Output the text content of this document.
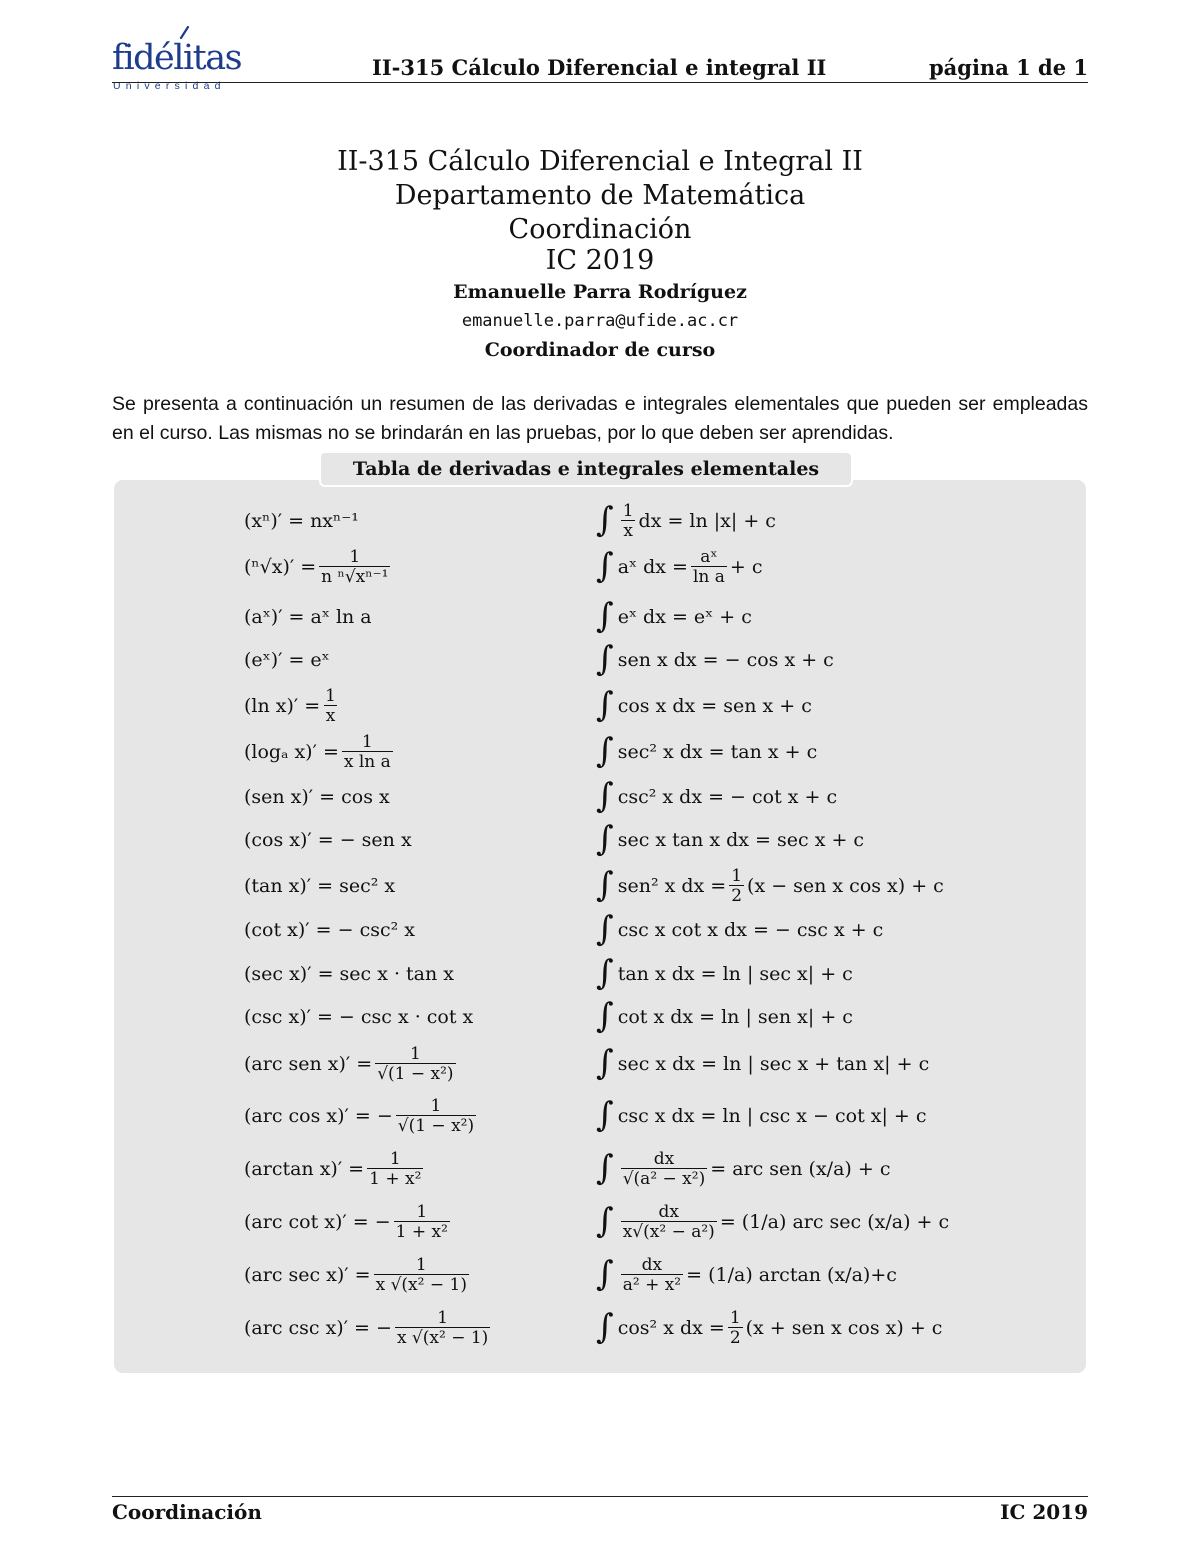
fidélitas
Universidad
II-315 Cálculo Diferencial e integral II	página 1 de 1
II-315 Cálculo Diferencial e Integral II
Departamento de Matemática
Coordinación
IC 2019
Emanuelle Parra Rodríguez
emanuelle.parra@ufide.ac.cr
Coordinador de curso
Se presenta a continuación un resumen de las derivadas e integrales elementales que pueden ser empleadas en el curso. Las mismas no se brindarán en las pruebas, por lo que deben ser aprendidas.
Tabla de derivadas e integrales elementales
(xⁿ)′ = nxⁿ⁻¹
$(^n√x)' = \frac{1}{\text{n ⁿ√xⁿ⁻¹}}$
(aˣ)′ = aˣ ln a
(eˣ)′ = eˣ
(ln $x)' = \frac{1}{x}$
(logₐ $x)' = \frac{1}{\text{x ln a}}$
(sen x)′ = cos x
(cos x)′ = − sen x
(tan x)′ = sec² x
(cot x)′ = − csc² x
(sec x)′ = sec x · tan x
(csc x)′ = − csc x · cot x
(arc sen $x)' = \frac{1}{\text{√(1 − x²)}}$
(arc cos x)′ = − $\frac{1}{\text{√(1 − x²)}}$
(arctan $x)' = \frac{1}{\text{1 + x²}}$
(arc cot x)′ = − $\frac{1}{\text{1 + x²}}$
(arc $\sec x)' = \frac{1}{\text{x √(x² − 1)}}$
(arc csc x)′ = − $\frac{1}{\text{x √(x² − 1)}}$
∫ $\frac{1}{x}$ dx = ln |x| + c
∫ aˣ dx = $\frac{\text{aˣ}}{\text{ln a}} + c$
∫ eˣ dx = eˣ + c
∫ sen x dx = − cos x + c
∫ cos x dx = sen x + c
∫ sec² x dx = tan x + c
∫ csc² x dx = − cot x + c
∫ sec x tan x dx = sec x + c
∫ sen² x dx = $\frac{1}{2} (x$ − sen x cos x) + c
∫ csc x cot x dx = − csc x + c
∫ tan x dx = ln | sec x| + c
∫ cot x dx = ln | sen x| + c
∫ sec x dx = ln | sec x + tan x| + c
∫ csc x dx = ln | csc x − cot x| + c
∫ $\frac{dx}{\text{√(a² − x²)}}$ = arc sen (x/a) + c
∫ $\frac{dx}{\text{x√(x² − a²)}} = (1/a)$ arc sec (x/a) + c
∫ $\frac{dx}{\text{a² + x²}} = (1/a)$ arctan (x/a)+c
∫ cos² x dx = $\frac{1}{2} (x$ + sen x cos x) + c
Coordinación	IC 2019
